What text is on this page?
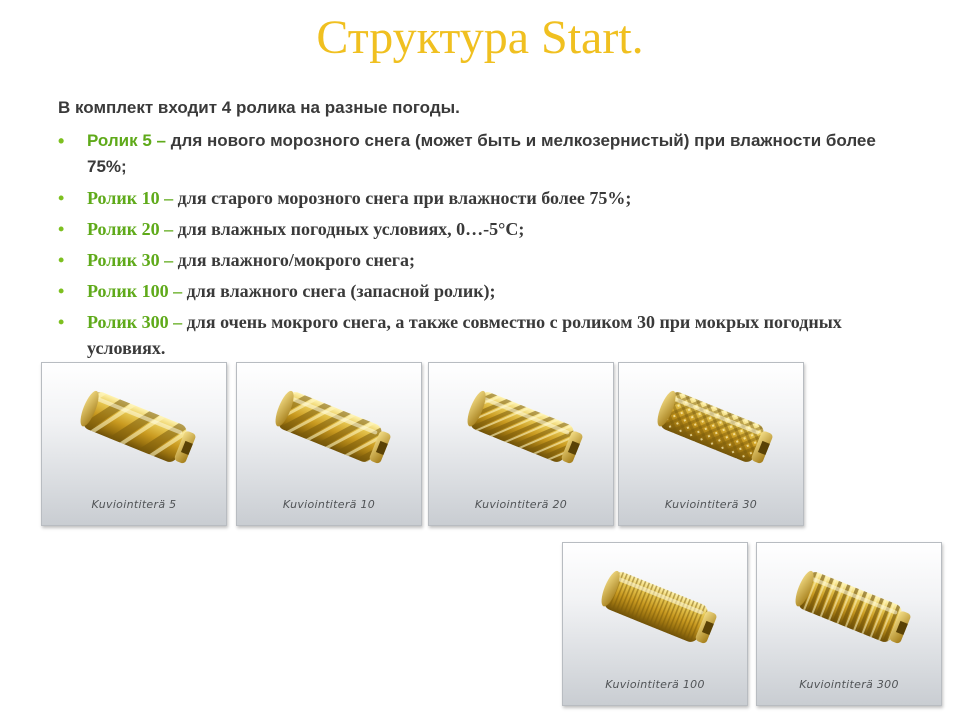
Структура Start.
В комплект входит 4 ролика на разные погоды.
• Ролик 5 – для нового морозного снега (может быть и мелкозернистый) при влажности более 75%;
• Ролик 10 – для старого морозного снега при влажности более 75%;
• Ролик 20 – для влажных погодных условиях, 0…-5°С;
• Ролик 30 – для влажного/мокрого снега;
• Ролик 100 – для влажного снега (запасной ролик);
• Ролик 300 – для очень мокрого снега, а также совместно с роликом 30 при мокрых погодных условиях.
Kuviointiterä 5	Kuviointiterä 10	Kuviointiterä 20	Kuviointiterä 30
Kuviointiterä 100	Kuviointiterä 300
